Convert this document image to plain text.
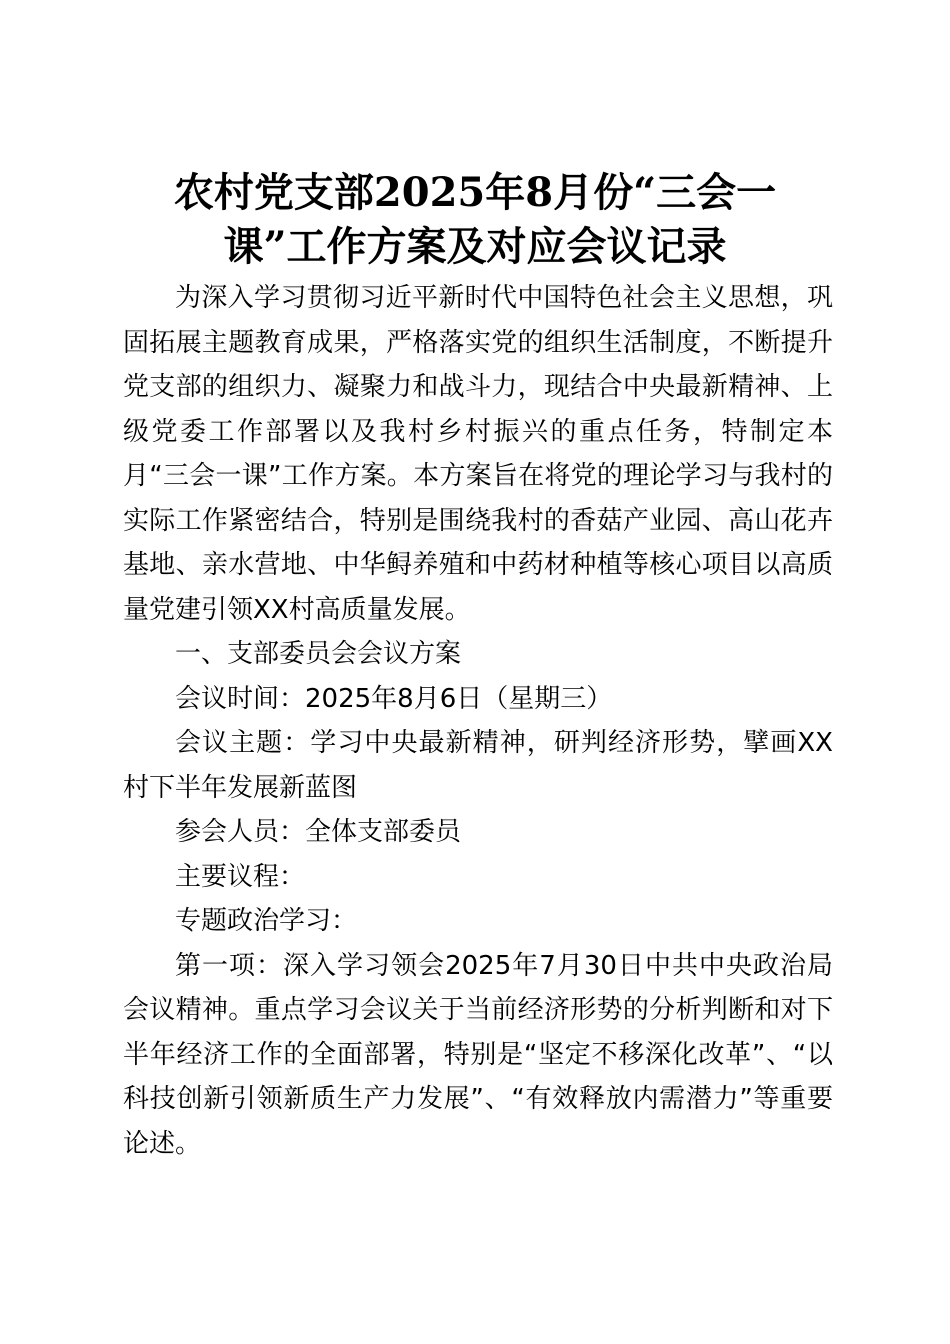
农村党支部2025年8月份“三会一
课”工作方案及对应会议记录

为深入学习贯彻习近平新时代中国特色社会主义思想，巩固拓展主题教育成果，严格落实党的组织生活制度，不断提升党支部的组织力、凝聚力和战斗力，现结合中央最新精神、上级党委工作部署以及我村乡村振兴的重点任务，特制定本月“三会一课”工作方案。本方案旨在将党的理论学习与我村的实际工作紧密结合，特别是围绕我村的香菇产业园、高山花卉基地、亲水营地、中华鲟养殖和中药材种植等核心项目以高质量党建引领XX村高质量发展。

一、支部委员会会议方案

会议时间：2025年8月6日（星期三）

会议主题：学习中央最新精神，研判经济形势，擘画XX村下半年发展新蓝图

参会人员：全体支部委员

主要议程：

专题政治学习：

第一项：深入学习领会2025年7月30日中共中央政治局会议精神。重点学习会议关于当前经济形势的分析判断和对下半年经济工作的全面部署，特别是“坚定不移深化改革”、“以科技创新引领新质生产力发展”、“有效释放内需潜力”等重要论述。
